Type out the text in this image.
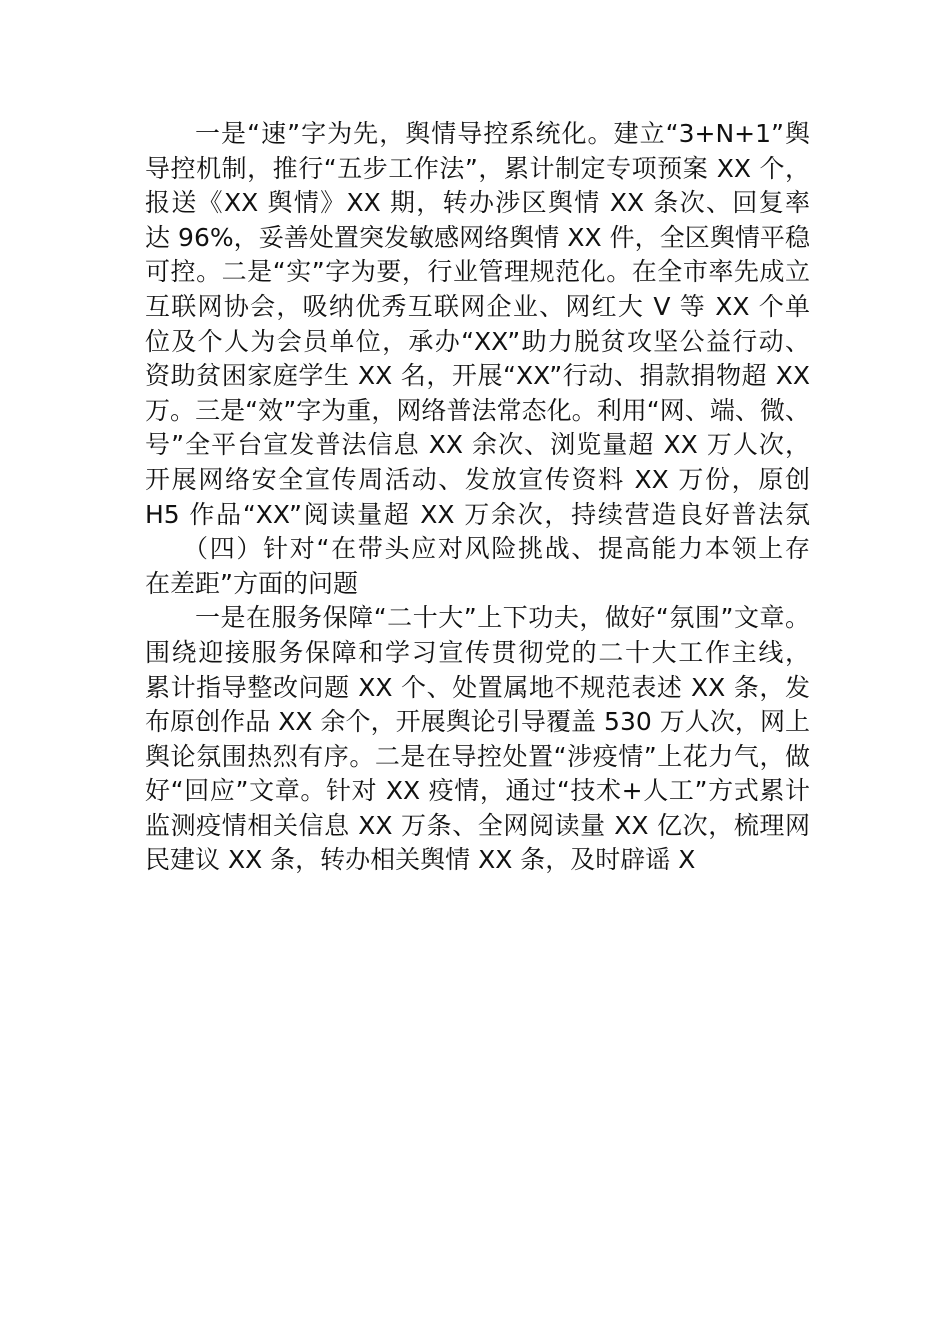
一是“速”字为先，舆情导控系统化。建立“3+N+1”舆
导控机制，推行“五步工作法”，累计制定专项预案 XX 个，
报送《XX 舆情》XX 期，转办涉区舆情 XX 条次、回复率
达 96%，妥善处置突发敏感网络舆情 XX 件，全区舆情平稳
可控。二是“实”字为要，行业管理规范化。在全市率先成立
互联网协会，吸纳优秀互联网企业、网红大 V 等 XX 个单
位及个人为会员单位，承办“XX”助力脱贫攻坚公益行动、
资助贫困家庭学生 XX 名，开展“XX”行动、捐款捐物超 XX
万。三是“效”字为重，网络普法常态化。利用“网、端、微、
号”全平台宣发普法信息 XX 余次、浏览量超 XX 万人次，
开展网络安全宣传周活动、发放宣传资料 XX 万份，原创
H5 作品“XX”阅读量超 XX 万余次，持续营造良好普法氛
（四）针对“在带头应对风险挑战、提高能力本领上存
在差距”方面的问题
一是在服务保障“二十大”上下功夫，做好“氛围”文章。
围绕迎接服务保障和学习宣传贯彻党的二十大工作主线，
累计指导整改问题 XX 个、处置属地不规范表述 XX 条，发
布原创作品 XX 余个，开展舆论引导覆盖 530 万人次，网上
舆论氛围热烈有序。二是在导控处置“涉疫情”上花力气，做
好“回应”文章。针对 XX 疫情，通过“技术+人工”方式累计
监测疫情相关信息 XX 万条、全网阅读量 XX 亿次，梳理网
民建议 XX 条，转办相关舆情 XX 条，及时辟谣 X
